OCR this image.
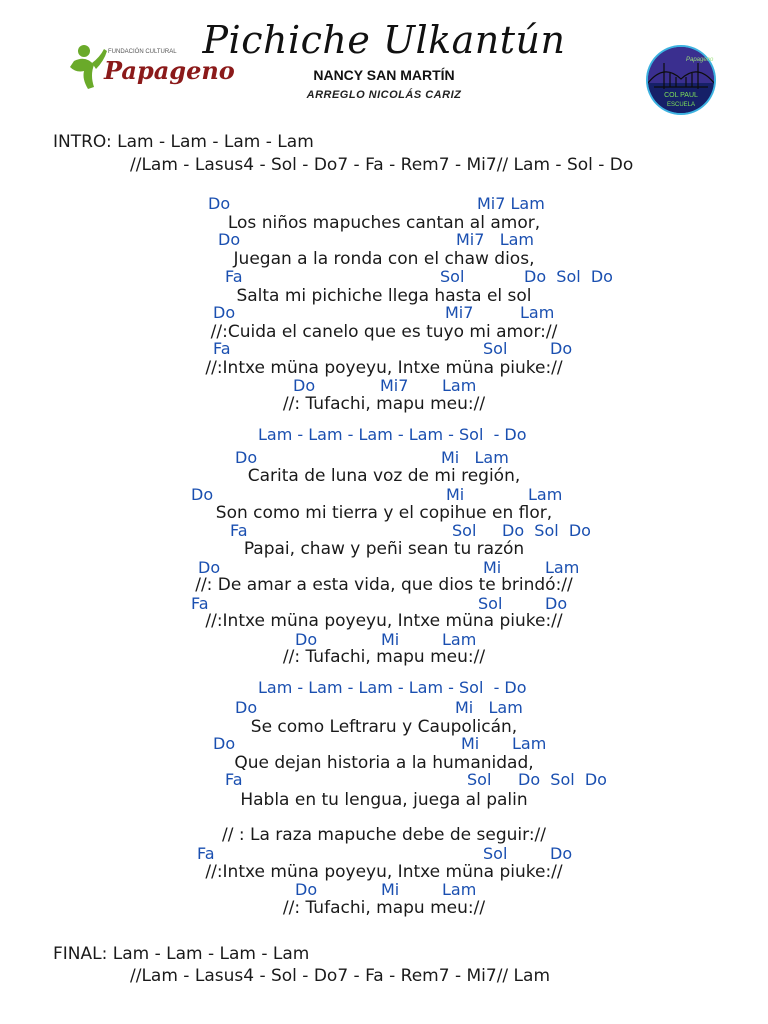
FUNDACIÓN CULTURAL
Papageno

	Papageno
COL PAUL
ESCUELA

Pichiche Ulkantún
NANCY SAN MARTÍN
ARREGLO NICOLÁS CARIZ
INTRO: Lam - Lam - Lam - Lam
//Lam - Lasus4 - Sol - Do7 - Fa - Rem7 - Mi7// Lam - Sol - Do
Do	Mi7 Lam
Los niños mapuches cantan al amor,
Do	Mi7   Lam
Juegan a la ronda con el chaw dios,
Fa	Sol	Do  Sol  Do
Salta mi pichiche llega hasta el sol
Do	Mi7	Lam
//:Cuida el canelo que es tuyo mi amor://
Fa	Sol	Do
//:Intxe müna poyeyu, Intxe müna piuke://
Do	Mi7 Lam
//: Tufachi, mapu meu://
Lam - Lam - Lam - Lam - Sol  - Do
Do	Mi   Lam
Carita de luna voz de mi región,
Do	Mi	Lam
Son como mi tierra y el copihue en flor,
Fa	Sol Do  Sol  Do
Papai, chaw y peñi sean tu razón
Do	Mi	Lam
//: De amar a esta vida, que dios te brindó://
Fa	Sol	Do
//:Intxe müna poyeyu, Intxe müna piuke://
Do	Mi	Lam
//: Tufachi, mapu meu://
Lam - Lam - Lam - Lam - Sol  - Do
Do	Mi   Lam
Se como Leftraru y Caupolicán,
Do	Mi Lam
Que dejan historia a la humanidad,
Fa	Sol Do  Sol  Do
Habla en tu lengua, juega al palin
// : La raza mapuche debe de seguir://
Fa	Sol	Do
//:Intxe müna poyeyu, Intxe müna piuke://
Do	Mi	Lam
//: Tufachi, mapu meu://
FINAL: Lam - Lam - Lam - Lam
//Lam - Lasus4 - Sol - Do7 - Fa - Rem7 - Mi7// Lam
